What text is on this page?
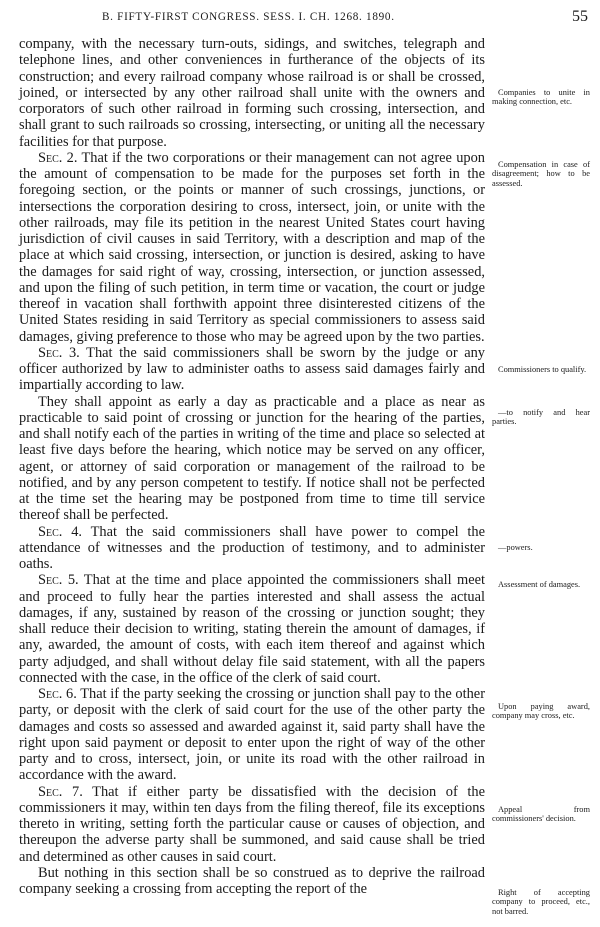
B. FIFTY-FIRST CONGRESS. SESS. I. CH. 1268. 1890.	55

company, with the necessary turn-outs, sidings, and switches, telegraph and telephone lines, and other conveniences in furtherance of the objects of its construction; and every railroad company whose railroad is or shall be crossed, joined, or intersected by any other railroad shall unite with the owners and corporators of such other railroad in forming such crossing, intersection, and shall grant to such railroads so crossing, intersecting, or uniting all the necessary facilities for that purpose.

Sec. 2. That if the two corporations or their management can not agree upon the amount of compensation to be made for the purposes set forth in the foregoing section, or the points or manner of such crossings, junctions, or intersections the corporation desiring to cross, intersect, join, or unite with the other railroads, may file its petition in the nearest United States court having jurisdiction of civil causes in said Territory, with a description and map of the place at which said crossing, intersection, or junction is desired, asking to have the damages for said right of way, crossing, intersection, or junction assessed, and upon the filing of such petition, in term time or vacation, the court or judge thereof in vacation shall forthwith appoint three disinterested citizens of the United States residing in said Territory as special commissioners to assess said damages, giving preference to those who may be agreed upon by the two parties.

Sec. 3. That the said commissioners shall be sworn by the judge or any officer authorized by law to administer oaths to assess said damages fairly and impartially according to law.

They shall appoint as early a day as practicable and a place as near as practicable to said point of crossing or junction for the hearing of the parties, and shall notify each of the parties in writing of the time and place so selected at least five days before the hearing, which notice may be served on any officer, agent, or attorney of said corporation or management of the railroad to be notified, and by any person competent to testify. If notice shall not be perfected at the time set the hearing may be postponed from time to time till service thereof shall be perfected.

Sec. 4. That the said commissioners shall have power to compel the attendance of witnesses and the production of testimony, and to administer oaths.

Sec. 5. That at the time and place appointed the commissioners shall meet and proceed to fully hear the parties interested and shall assess the actual damages, if any, sustained by reason of the crossing or junction sought; they shall reduce their decision to writing, stating therein the amount of damages, if any, awarded, the amount of costs, with each item thereof and against which party adjudged, and shall without delay file said statement, with all the papers connected with the case, in the office of the clerk of said court.

Sec. 6. That if the party seeking the crossing or junction shall pay to the other party, or deposit with the clerk of said court for the use of the other party the damages and costs so assessed and awarded against it, said party shall have the right upon said payment or deposit to enter upon the right of way of the other party and to cross, intersect, join, or unite its road with the other railroad in accordance with the award.

Sec. 7. That if either party be dissatisfied with the decision of the commissioners it may, within ten days from the filing thereof, file its exceptions thereto in writing, setting forth the particular cause or causes of objection, and thereupon the adverse party shall be summoned, and said cause shall be tried and determined as other causes in said court.

But nothing in this section shall be so construed as to deprive the railroad company seeking a crossing from accepting the report of the

Companies to unite in making connection, etc.
Compensation in case of disagreement; how to be assessed.
Commissioners to qualify.
—to notify and hear parties.
—powers.
Assessment of damages.
Upon paying award, company may cross, etc.
Appeal from commissioners' decision.
Right of accepting company to proceed, etc., not barred.
